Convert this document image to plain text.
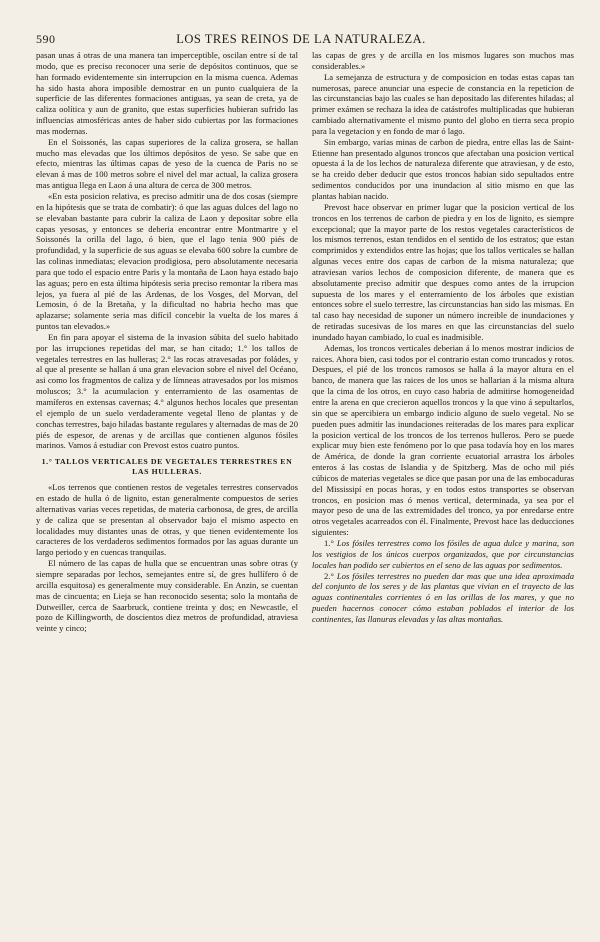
590	LOS TRES REINOS DE LA NATURALEZA.

pasan unas á otras de una manera tan imperceptible, oscilan entre sí de tal modo, que es preciso reconocer una serie de depósitos continuos, que se han formado evidentemente sin interrupcion en la misma cuenca. Ademas ha sido hasta ahora imposible demostrar en un punto cualquiera de la superficie de las diferentes formaciones antiguas, ya sean de creta, ya de caliza oolítica y aun de granito, que estas superficies hubieran sufrido las influencias atmosféricas antes de haber sido cubiertas por las formaciones mas modernas.

En el Soissonés, las capas superiores de la caliza grosera, se hallan mucho mas elevadas que los últimos depósitos de yeso. Se sabe que en efecto, mientras las últimas capas de yeso de la cuenca de Paris no se elevan á mas de 100 metros sobre el nivel del mar actual, la caliza grosera mas antigua llega en Laon á una altura de cerca de 300 metros.

«En esta posicion relativa, es preciso admitir una de dos cosas (siempre en la hipótesis que se trata de combatir): ó que las aguas dulces del lago no se elevaban bastante para cubrir la caliza de Laon y depositar sobre ella capas yesosas, y entonces se deberia encontrar entre Montmartre y el Soissonés la orilla del lago, ó bien, que el lago tenia 900 piés de profundidad, y la superficie de sus aguas se elevaba 600 sobre la cumbre de las colinas inmediatas; elevacion prodigiosa, pero absolutamente necesaria para que todo el espacio entre Paris y la montaña de Laon haya estado bajo las aguas; pero en esta última hipótesis seria preciso remontar la ribera mas lejos, ya fuera al pié de las Ardenas, de los Vosges, del Morvan, del Lemosin, ó de la Bretaña, y la dificultad no habria hecho mas que aplazarse; solamente seria mas difícil concebir la vuelta de los mares á puntos tan elevados.»

En fin para apoyar el sistema de la invasion súbita del suelo habitado por las irrupciones repetidas del mar, se han citado; 1.° los tallos de vegetales terrestres en las hulleras; 2.° las rocas atravesadas por foládes, y al que al presente se hallan á una gran elevacion sobre el nivel del Océano, asi como los fragmentos de caliza y de límneas atravesados por los mismos moluscos; 3.° la acumulacion y enterramiento de las osamentas de mamíferos en extensas cavernas; 4.° algunos hechos locales que presentan el ejemplo de un suelo verdaderamente vegetal lleno de plantas y de conchas terrestres, bajo hiladas bastante regulares y alternadas de mas de 20 piés de espesor, de arenas y de arcillas que contienen algunos fósiles marinos. Vamos á estudiar con Prevost estos cuatro puntos.

1.° TALLOS VERTICALES DE VEGETALES TERRESTRES EN LAS HULLERAS.

«Los terrenos que contienen restos de vegetales terrestres conservados en estado de hulla ó de lignito, estan generalmente compuestos de series alternativas varias veces repetidas, de materia carbonosa, de gres, de arcilla y de caliza que se presentan al observador bajo el mismo aspecto en localidades muy distantes unas de otras, y que tienen evidentemente los caracteres de los verdaderos sedimentos formados por las aguas durante un largo periodo y en cuencas tranquilas.

El número de las capas de hulla que se encuentran unas sobre otras (y siempre separadas por lechos, semejantes entre sí, de gres hullífero ó de arcilla esquitosa) es generalmente muy considerable. En Anzin, se cuentan mas de cincuenta; en Lieja se han reconocido sesenta; solo la montaña de Dutweiller, cerca de Saarbruck, contiene treinta y dos; en Newcastle, el pozo de Killingworth, de doscientos diez metros de profundidad, atraviesa veinte y cinco;

las capas de gres y de arcilla en los mismos lugares son muchos mas considerables.»

La semejanza de estructura y de composicion en todas estas capas tan numerosas, parece anunciar una especie de constancia en la repeticion de las circunstancias bajo las cuales se han depositado las diferentes hiladas; al primer exámen se rechaza la idea de catástrofes multiplicadas que hubieran cambiado alternativamente el mismo punto del globo en tierra seca propio para la vegetacion y en fondo de mar ó lago.

Sin embargo, varias minas de carbon de piedra, entre ellas las de Saint-Etienne han presentado algunos troncos que afectaban una posicion vertical opuesta á la de los lechos de naturaleza diferente que atraviesan, y de esto, se ha creido deber deducir que estos troncos habian sido sepultados entre sedimentos conducidos por una inundacion al sitio mismo en que las plantas habian nacido.

Prevost hace observar en primer lugar que la posicion vertical de los troncos en los terrenos de carbon de piedra y en los de lignito, es siempre excepcional; que la mayor parte de los restos vegetales característicos de los mismos terrenos, estan tendidos en el sentido de los estratos; que estan comprimidos y extendidos entre las hojas; que los tallos verticales se hallan algunas veces entre dos capas de carbon de la misma naturaleza; que atraviesan varios lechos de composicion diferente, de manera que es absolutamente preciso admitir que despues como antes de la irrupcion supuesta de los mares y el enterramiento de los árboles que existian entonces sobre el suelo terrestre, las circunstancias han sido las mismas. En tal caso hay necesidad de suponer un número increible de inundaciones y de retiradas sucesivas de los mares en que las circunstancias del suelo inundado hayan cambiado, lo cual es inadmisible.

Ademas, los troncos verticales deberian á lo menos mostrar indicios de raices. Ahora bien, casi todos por el contrario estan como truncados y rotos. Despues, el pié de los troncos ramosos se halla á la mayor altura en el banco, de manera que las raices de los unos se hallarian á la misma altura que la cima de los otros, en cuyo caso habria de admitirse homogeneidad entre la arena en que crecieron aquellos troncos y la que vino á sepultarlos, sin que se apercibiera un embargo indicio alguno de suelo vegetal. No se pueden pues admitir las inundaciones reiteradas de los mares para explicar la posicion vertical de los troncos de los terrenos hulleros. Pero se puede explicar muy bien este fenómeno por lo que pasa todavía hoy en los mares de América, de donde la gran corriente ecuatorial arrastra los árboles enteros á las costas de Islandia y de Spitzberg. Mas de ocho mil piés cúbicos de materias vegetales se dice que pasan por una de las embocaduras del Mississipí en pocas horas, y en todos estos transportes se observan troncos, en posicion mas ó menos vertical, determinada, ya sea por el mayor peso de una de las extremidades del tronco, ya por enredarse entre otros vegetales acarreados con él. Finalmente, Prevost hace las deducciones siguientes:

1.° Los fósiles terrestres como los fósiles de agua dulce y marina, son los vestigios de los únicos cuerpos organizados, que por circunstancias locales han podido ser cubiertos en el seno de las aguas por sedimentos.

2.° Los fósiles terrestres no pueden dar mas que una idea aproximada del conjunto de los seres y de las plantas que vivian en el trayecto de las aguas continentales corrientes ó en las orillas de los mares, y que no pueden hacernos conocer cómo estaban poblados el interior de los continentes, las llanuras elevadas y las altas montañas.
